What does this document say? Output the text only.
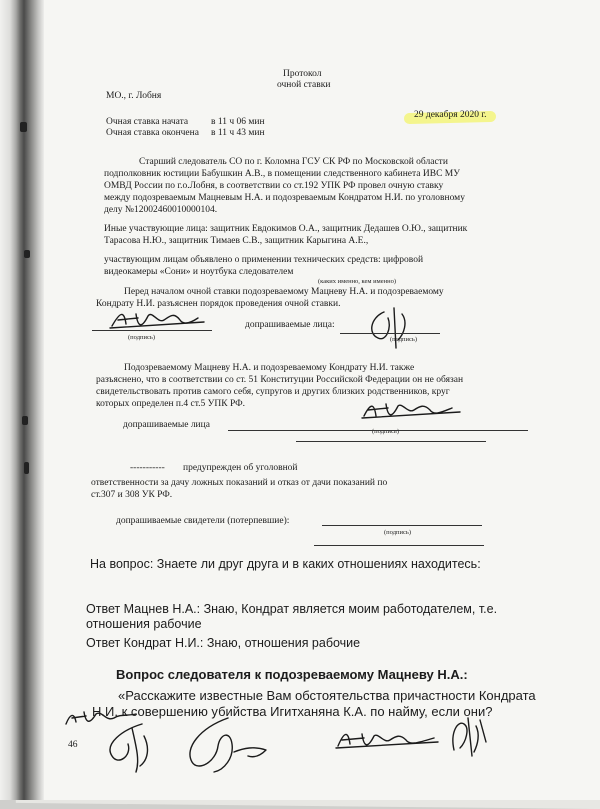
Протокол
очной ставки
МО., г. Лобня
29 декабря 2020 г.
Очная ставка начата в 11 ч 06 мин
Очная ставка окончена в 11 ч 43 мин
Старший следователь СО по г. Коломна ГСУ СК РФ по Московской области
подполковник юстиции Бабушкин А.В., в помещении следственного кабинета ИВС МУ
ОМВД России по г.о.Лобня, в соответствии со ст.192 УПК РФ провел очную ставку
между подозреваемым Мацневым Н.А. и подозреваемым Кондратом Н.И. по уголовному
делу №12002460010000104.
Иные участвующие лица: защитник Евдокимов О.А., защитник Дедашев О.Ю., защитник
Тарасова Н.Ю., защитник Тимаев С.В., защитник Карыгина А.Е.,
участвующим лицам объявлено о применении технических средств: цифровой
видеокамеры «Сони» и ноутбука следователем
(каких именно, кем именно)
Перед началом очной ставки подозреваемому Мацневу Н.А. и подозреваемому
Кондрату Н.И. разъяснен порядок проведения очной ставки.
(подпись)
допрашиваемые лица:
(подпись)
Подозреваемому Мацневу Н.А. и подозреваемому Кондрату Н.И. также
разъяснено, что в соответствии со ст. 51 Конституции Российской Федерации он не обязан
свидетельствовать против самого себя, супругов и других близких родственников, круг
которых определен п.4 ст.5 УПК РФ.
(подпись)
допрашиваемые лица
----------- предупрежден об уголовной
ответственности за дачу ложных показаний и отказ от дачи показаний по
ст.307 и 308 УК РФ.
допрашиваемые свидетели (потерпевшие):
(подпись)
На вопрос: Знаете ли друг друга и в каких отношениях находитесь:
Ответ Мацнев Н.А.: Знаю, Кондрат является моим работодателем, т.е.
отношения рабочие
Ответ Кондрат Н.И.: Знаю, отношения рабочие
Вопрос следователя к подозреваемому Мацневу Н.А.:
«Расскажите известные Вам обстоятельства причастности Кондрата
Н.И. к совершению убийства Игитханяна К.А. по найму, если они?
46
